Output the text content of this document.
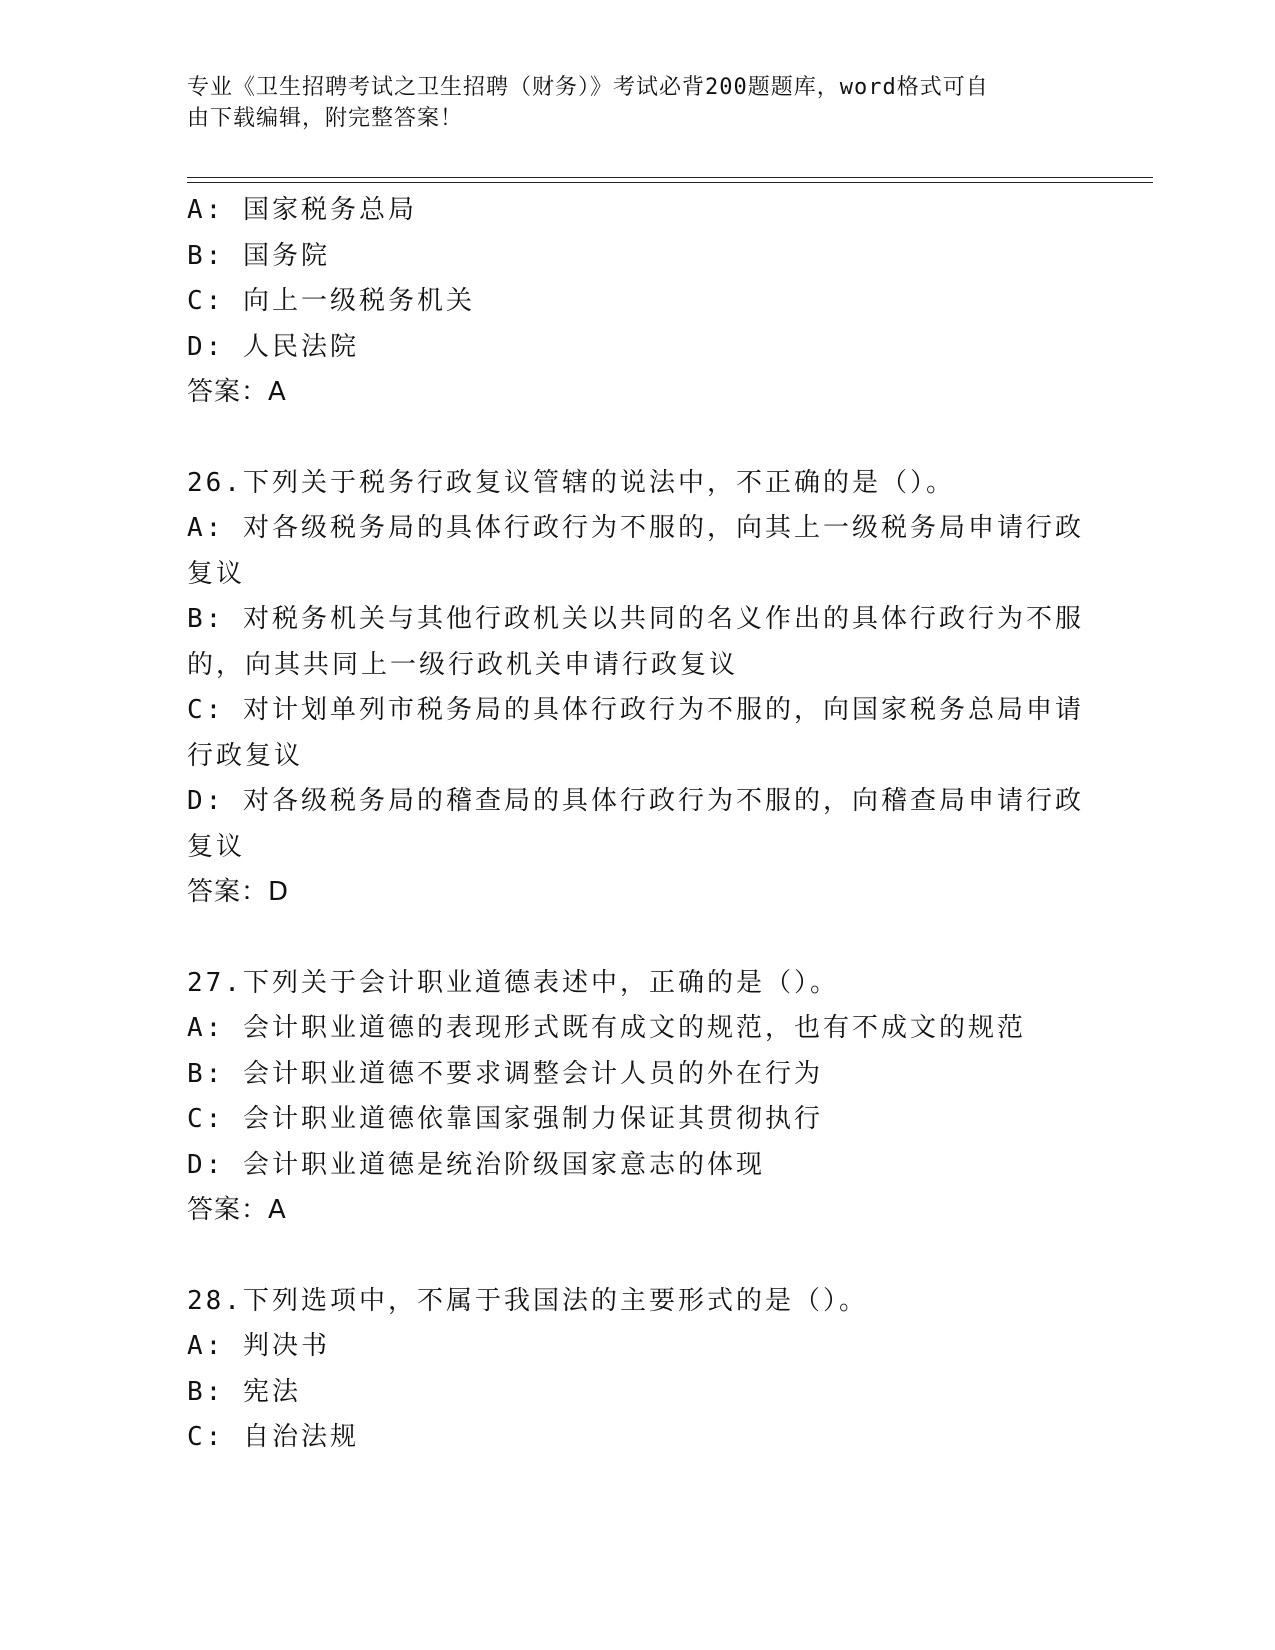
专业《卫生招聘考试之卫生招聘（财务）》考试必背200题题库，word格式可自
由下载编辑，附完整答案！
A: 国家税务总局
B: 国务院
C: 向上一级税务机关
D: 人民法院
答案：A
26.下列关于税务行政复议管辖的说法中，不正确的是（）。
A: 对各级税务局的具体行政行为不服的，向其上一级税务局申请行政
复议
B: 对税务机关与其他行政机关以共同的名义作出的具体行政行为不服
的，向其共同上一级行政机关申请行政复议
C: 对计划单列市税务局的具体行政行为不服的，向国家税务总局申请
行政复议
D: 对各级税务局的稽查局的具体行政行为不服的，向稽查局申请行政
复议
答案：D
27.下列关于会计职业道德表述中，正确的是（）。
A: 会计职业道德的表现形式既有成文的规范，也有不成文的规范
B: 会计职业道德不要求调整会计人员的外在行为
C: 会计职业道德依靠国家强制力保证其贯彻执行
D: 会计职业道德是统治阶级国家意志的体现
答案：A
28.下列选项中，不属于我国法的主要形式的是（）。
A: 判决书
B: 宪法
C: 自治法规
